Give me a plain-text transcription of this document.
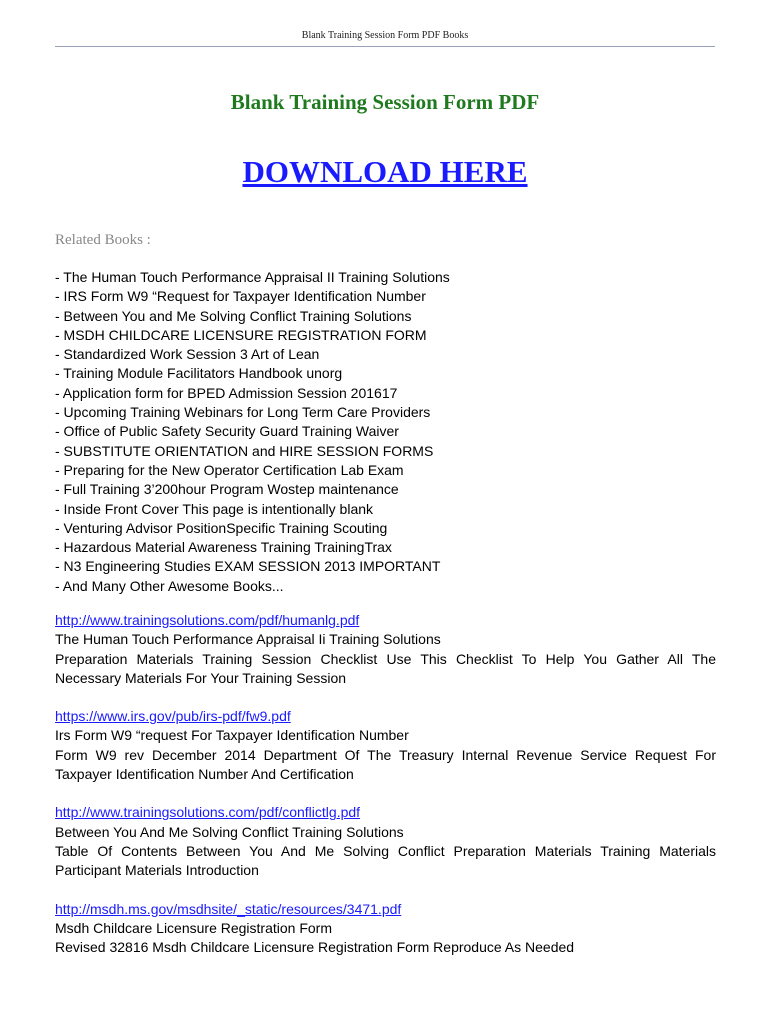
Blank Training Session Form PDF Books
Blank Training Session Form PDF
DOWNLOAD HERE
Related Books :
- The Human Touch Performance Appraisal II Training Solutions
- IRS Form W9 “Request for Taxpayer Identification Number
- Between You and Me Solving Conflict Training Solutions
- MSDH CHILDCARE LICENSURE REGISTRATION FORM
- Standardized Work Session 3 Art of Lean
- Training Module Facilitators Handbook unorg
- Application form for BPED Admission Session 201617
- Upcoming Training Webinars for Long Term Care Providers
- Office of Public Safety Security Guard Training Waiver
- SUBSTITUTE ORIENTATION and HIRE SESSION FORMS
- Preparing for the New Operator Certification Lab Exam
- Full Training 3’200hour Program Wostep maintenance
- Inside Front Cover This page is intentionally blank
- Venturing Advisor PositionSpecific Training Scouting
- Hazardous Material Awareness Training TrainingTrax
- N3 Engineering Studies EXAM SESSION 2013 IMPORTANT
- And Many Other Awesome Books...
http://www.trainingsolutions.com/pdf/humanlg.pdf
The Human Touch Performance Appraisal Ii Training Solutions
Preparation Materials Training Session Checklist Use This Checklist To Help You Gather All The Necessary Materials For Your Training Session
https://www.irs.gov/pub/irs-pdf/fw9.pdf
Irs Form W9 “request For Taxpayer Identification Number
Form W9 rev December 2014 Department Of The Treasury Internal Revenue Service Request For Taxpayer Identification Number And Certification
http://www.trainingsolutions.com/pdf/conflictlg.pdf
Between You And Me Solving Conflict Training Solutions
Table Of Contents Between You And Me Solving Conflict Preparation Materials Training Materials Participant Materials Introduction
http://msdh.ms.gov/msdhsite/_static/resources/3471.pdf
Msdh Childcare Licensure Registration Form
Revised 32816 Msdh Childcare Licensure Registration Form Reproduce As Needed
